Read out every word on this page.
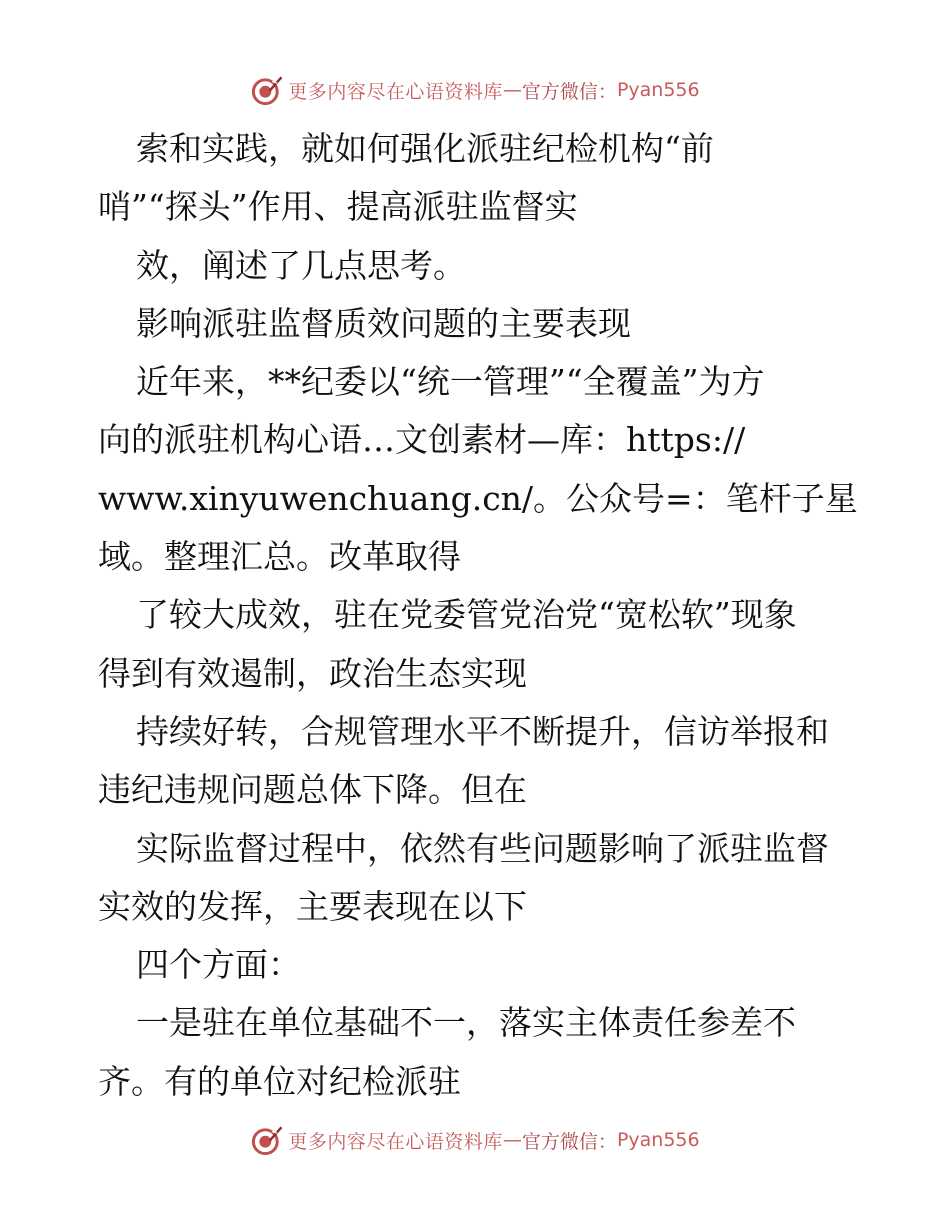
更多内容尽在心语资料库 — 官方微信： Pyan556

索和实践，就如何强化派驻纪检机构“前

哨”“探头”作用、提高派驻监督实

效，阐述了几点思考。

影响派驻监督质效问题的主要表现

近年来，**纪委以“统一管理”“全覆盖”为方

向的派驻机构心语…文创素材—库：https://

www.xinyuwenchuang.cn/。公众号=：笔杆子星

域。整理汇总。改革取得

了较大成效，驻在党委管党治党“宽松软”现象

得到有效遏制，政治生态实现

持续好转，合规管理水平不断提升，信访举报和

违纪违规问题总体下降。但在

实际监督过程中，依然有些问题影响了派驻监督

实效的发挥，主要表现在以下

四个方面：

一是驻在单位基础不一，落实主体责任参差不

齐。有的单位对纪检派驻

更多内容尽在心语资料库 — 官方微信： Pyan556
